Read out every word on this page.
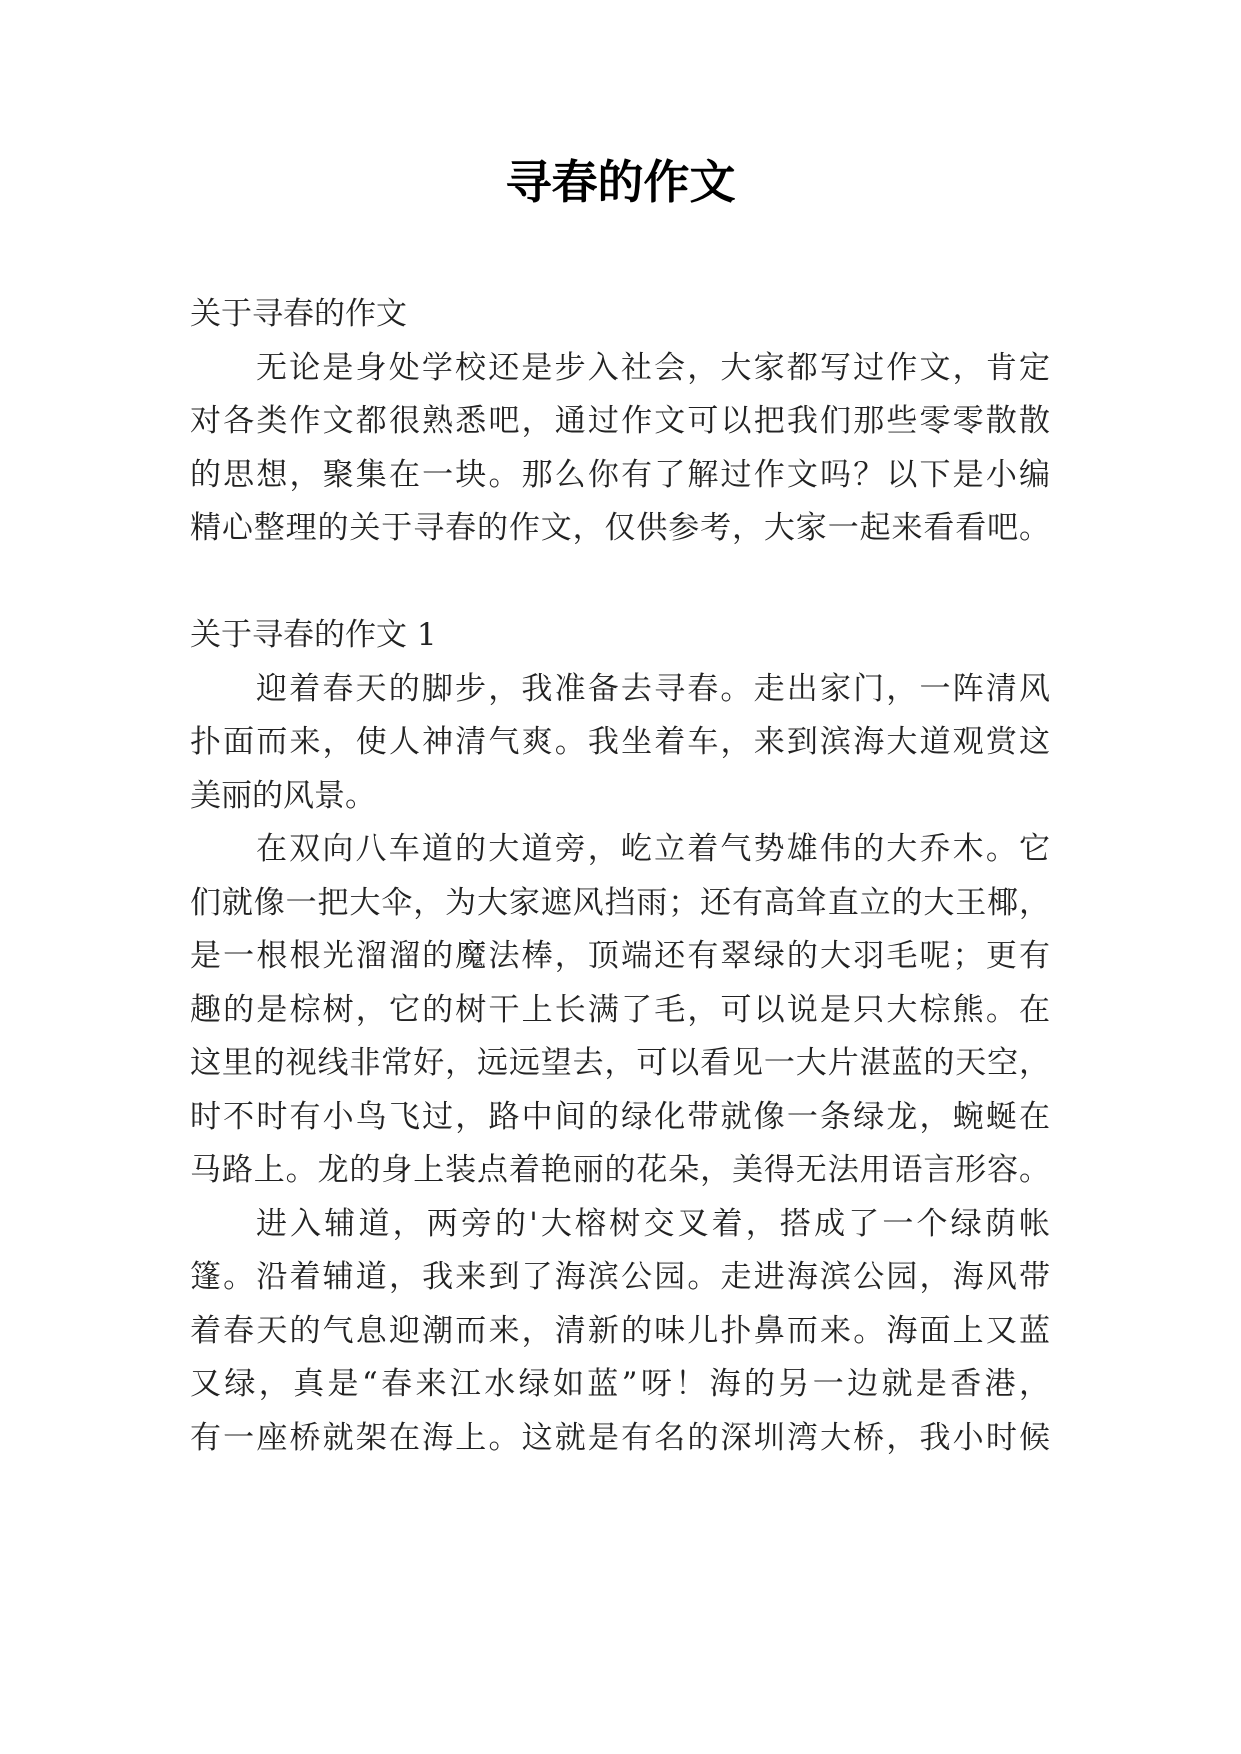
寻春的作文
关于寻春的作文
无论是身处学校还是步入社会，大家都写过作文，肯定
对各类作文都很熟悉吧，通过作文可以把我们那些零零散散
的思想，聚集在一块。那么你有了解过作文吗？以下是小编
精心整理的关于寻春的作文，仅供参考，大家一起来看看吧。
关于寻春的作文 1
迎着春天的脚步，我准备去寻春。走出家门，一阵清风
扑面而来，使人神清气爽。我坐着车，来到滨海大道观赏这
美丽的风景。
在双向八车道的大道旁，屹立着气势雄伟的大乔木。它
们就像一把大伞，为大家遮风挡雨；还有高耸直立的大王椰，
是一根根光溜溜的魔法棒，顶端还有翠绿的大羽毛呢；更有
趣的是棕树，它的树干上长满了毛，可以说是只大棕熊。在
这里的视线非常好，远远望去，可以看见一大片湛蓝的天空，
时不时有小鸟飞过，路中间的绿化带就像一条绿龙，蜿蜒在
马路上。龙的身上装点着艳丽的花朵，美得无法用语言形容。
进入辅道，两旁的'大榕树交叉着，搭成了一个绿荫帐
篷。沿着辅道，我来到了海滨公园。走进海滨公园，海风带
着春天的气息迎潮而来，清新的味儿扑鼻而来。海面上又蓝
又绿，真是“春来江水绿如蓝”呀！海的另一边就是香港，
有一座桥就架在海上。这就是有名的深圳湾大桥，我小时候
